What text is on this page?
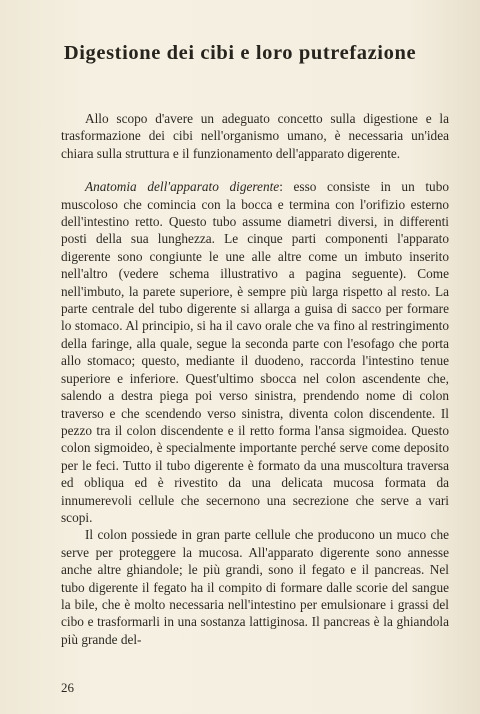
Digestione dei cibi e loro putrefazione

Allo scopo d'avere un adeguato concetto sulla digestione e la trasformazione dei cibi nell'organismo umano, è necessaria un'idea chiara sulla struttura e il funzionamento dell'apparato digerente.

Anatomia dell'apparato digerente: esso consiste in un tubo muscoloso che comincia con la bocca e termina con l'orifizio esterno dell'intestino retto. Questo tubo assume diametri diversi, in differenti posti della sua lunghezza. Le cinque parti componenti l'apparato digerente sono congiunte le une alle altre come un imbuto inserito nell'altro (vedere schema illustrativo a pagina seguente). Come nell'imbuto, la parete superiore, è sempre più larga rispetto al resto. La parte centrale del tubo digerente si allarga a guisa di sacco per formare lo stomaco. Al principio, si ha il cavo orale che va fino al restringimento della faringe, alla quale, segue la seconda parte con l'esofago che porta allo stomaco; questo, mediante il duodeno, raccorda l'intestino tenue superiore e inferiore. Quest'ultimo sbocca nel colon ascendente che, salendo a destra piega poi verso sinistra, prendendo nome di colon traverso e che scendendo verso sinistra, diventa colon discendente. Il pezzo tra il colon discendente e il retto forma l'ansa sigmoidea. Questo colon sigmoideo, è specialmente importante perché serve come deposito per le feci. Tutto il tubo digerente è formato da una muscoltura traversa ed obliqua ed è rivestito da una delicata mucosa formata da innumerevoli cellule che secernono una secrezione che serve a vari scopi.

Il colon possiede in gran parte cellule che producono un muco che serve per proteggere la mucosa. All'apparato digerente sono annesse anche altre ghiandole; le più grandi, sono il fegato e il pancreas. Nel tubo digerente il fegato ha il compito di formare dalle scorie del sangue la bile, che è molto necessaria nell'intestino per emulsionare i grassi del cibo e trasformarli in una sostanza lattiginosa. Il pancreas è la ghiandola più grande del-

26
